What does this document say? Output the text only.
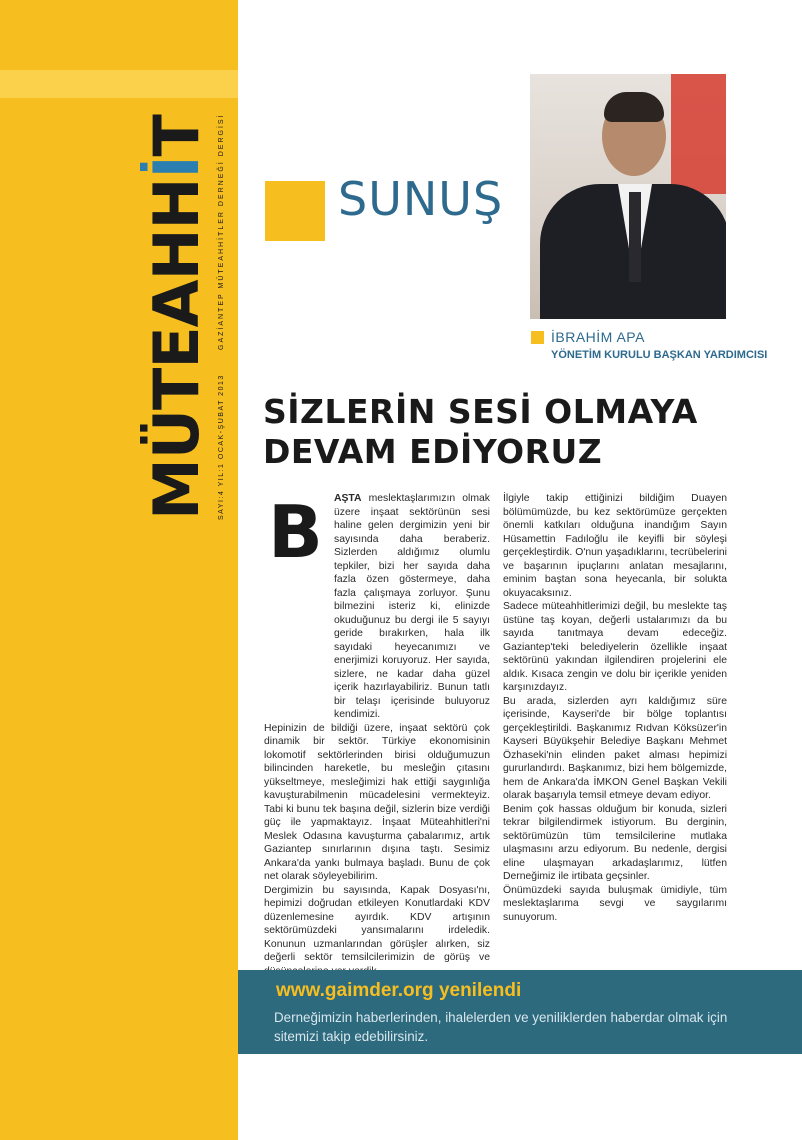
MÜTEAHHİT GAZİANTEP MÜTEAHHİTLER DERNEĞİ DERGİSİ
SAYI:4 YIL:1 OCAK-ŞUBAT 2013
SUNUŞ
İBRAHİM APA
YÖNETİM KURULU BAŞKAN YARDIMCISI
SİZLERİN SESİ OLMAYA DEVAM EDİYORUZ
B	AŞTA meslektaşlarımızın olmak üzere inşaat sektörünün sesi haline gelen dergimizin yeni bir sayısında daha beraberiz. Sizlerden aldığımız olumlu tepkiler, bizi her sayıda daha fazla özen göstermeye, daha fazla çalışmaya zorluyor. Şunu bilmezini isteriz ki, elinizde okuduğunuz bu dergi ile 5 sayıyı geride bırakırken, hala ilk sayıdaki heyecanımızı ve enerjimizi koruyoruz. Her sayıda, sizlere, ne kadar daha güzel içerik hazırlayabiliriz. Bunun tatlı bir telaşı içerisinde buluyoruz kendimizi.

Hepinizin de bildiği üzere, inşaat sektörü çok dinamik bir sektör. Türkiye ekonomisinin lokomotif sektörlerinden birisi olduğumuzun bilincinden hareketle, bu mesleğin çıtasını yükseltmeye, mesleğimizi hak ettiği saygınlığa kavuşturabilmenin mücadelesini vermekteyiz. Tabi ki bunu tek başına değil, sizlerin bize verdiği güç ile yapmaktayız. İnşaat Müteahhitleri'ni Meslek Odasına kavuşturma çabalarımız, artık Gaziantep sınırlarının dışına taştı. Sesimiz Ankara'da yankı bulmaya başladı. Bunu de çok net olarak söyleyebilirim.

Dergimizin bu sayısında, Kapak Dosyası'nı, hepimizi doğrudan etkileyen Konutlardaki KDV düzenlemesine ayırdık. KDV artışının sektörümüzdeki yansımalarını irdeledik. Konunun uzmanlarından görüşler alırken, siz değerli sektör temsilcilerimizin de görüş ve

İlgiyle takip ettiğinizi bildiğim Duayen bölümümüzde, bu kez sektörümüze gerçekten önemli katkıları olduğuna inandığım Sayın Hüsamettin Fadıloğlu ile keyifli bir söyleşi gerçekleştirdik. O'nun yaşadıklarını, tecrübelerini ve başarının ipuçlarını anlatan mesajlarını, eminim baştan sona heyecanla, bir solukta okuyacaksınız.

Sadece müteahhitlerimizi değil, bu meslekte taş üstüne taş koyan, değerli ustalarımızı da bu sayıda tanıtmaya devam edeceğiz. Gaziantep'teki belediyelerin özellikle inşaat sektörünü yakından ilgilendiren projelerini ele aldık. Kısaca zengin ve dolu bir içerikle yeniden karşınızdayız.

Bu arada, sizlerden ayrı kaldığımız süre içerisinde, Kayseri'de bir bölge toplantısı gerçekleştirildi. Başkanımız Rıdvan Köksüzer'in Kayseri Büyükşehir Belediye Başkanı Mehmet Özhaseki'nin elinden paket alması hepimizi gururlandırdı. Başkanımız, bizi hem bölgemizde, hem de Ankara'da İMKON Genel Başkan Vekili olarak başarıyla temsil etmeye devam ediyor.

Benim çok hassas olduğum bir konuda, sizleri tekrar bilgilendirmek istiyorum. Bu derginin, sektörümüzün tüm temsilcilerine mutlaka ulaşmasını arzu ediyorum. Bu nedenle, dergisi eline ulaşmayan arkadaşlarımız, lütfen Derneğimiz ile irtibata geçsinler.

Önümüzdeki sayıda buluşmak ümidiyle, tüm meslektaşlarıma sevgi ve saygılarımı sunuyorum.

www.gaimder.org yenilendi
Derneğimizin haberlerinden, ihalelerden ve yeniliklerden haberdar olmak için sitemizi takip edebilirsiniz.
